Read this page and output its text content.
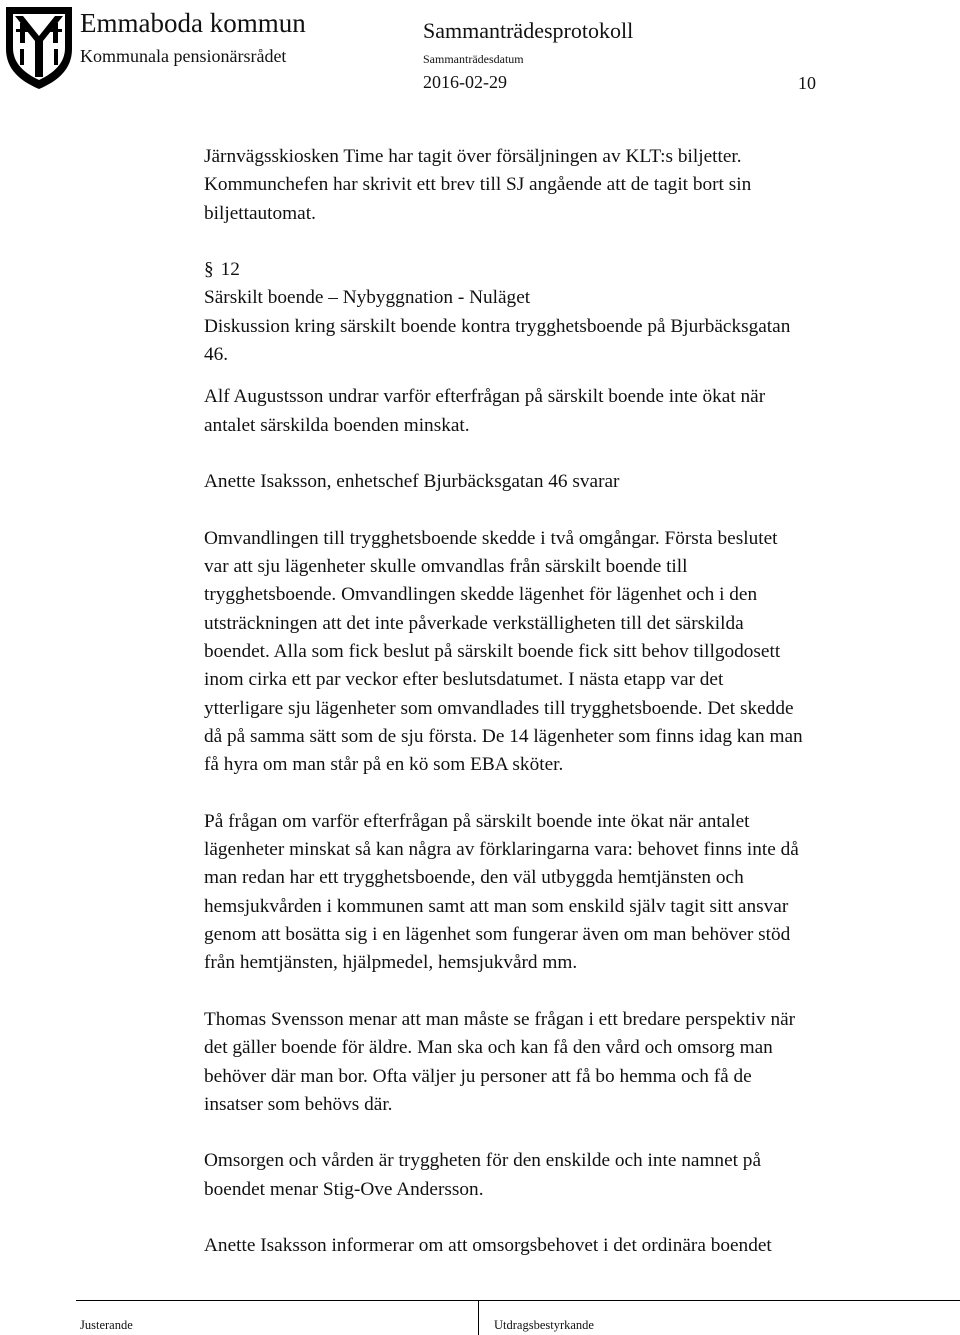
Emmaboda kommun
Kommunala pensionärsrådet
Sammanträdesprotokoll
Sammanträdesdatum
2016-02-29	10
Järnvägsskiosken Time har tagit över försäljningen av KLT:s biljetter.
Kommunchefen har skrivit ett brev till SJ angående att de tagit bort sin
biljettautomat.
§ 12
Särskilt boende – Nybyggnation - Nuläget
Diskussion kring särskilt boende kontra trygghetsboende på Bjurbäcksgatan
46.
Alf Augustsson undrar varför efterfrågan på särskilt boende inte ökat när
antalet särskilda boenden minskat.
Anette Isaksson, enhetschef Bjurbäcksgatan 46 svarar
Omvandlingen till trygghetsboende skedde i två omgångar. Första beslutet
var att sju lägenheter skulle omvandlas från särskilt boende till
trygghetsboende. Omvandlingen skedde lägenhet för lägenhet och i den
utsträckningen att det inte påverkade verkställigheten till det särskilda
boendet. Alla som fick beslut på särskilt boende fick sitt behov tillgodosett
inom cirka ett par veckor efter beslutsdatumet. I nästa etapp var det
ytterligare sju lägenheter som omvandlades till trygghetsboende. Det skedde
då på samma sätt som de sju första. De 14 lägenheter som finns idag kan man
få hyra om man står på en kö som EBA sköter.
På frågan om varför efterfrågan på särskilt boende inte ökat när antalet
lägenheter minskat så kan några av förklaringarna vara: behovet finns inte då
man redan har ett trygghetsboende, den väl utbyggda hemtjänsten och
hemsjukvården i kommunen samt att man som enskild själv tagit sitt ansvar
genom att bosätta sig i en lägenhet som fungerar även om man behöver stöd
från hemtjänsten, hjälpmedel, hemsjukvård mm.
Thomas Svensson menar att man måste se frågan i ett bredare perspektiv när
det gäller boende för äldre. Man ska och kan få den vård och omsorg man
behöver där man bor. Ofta väljer ju personer att få bo hemma och få de
insatser som behövs där.
Omsorgen och vården är tryggheten för den enskilde och inte namnet på
boendet menar Stig-Ove Andersson.
Anette Isaksson informerar om att omsorgsbehovet i det ordinära boendet
Justerande	Utdragsbestyrkande
